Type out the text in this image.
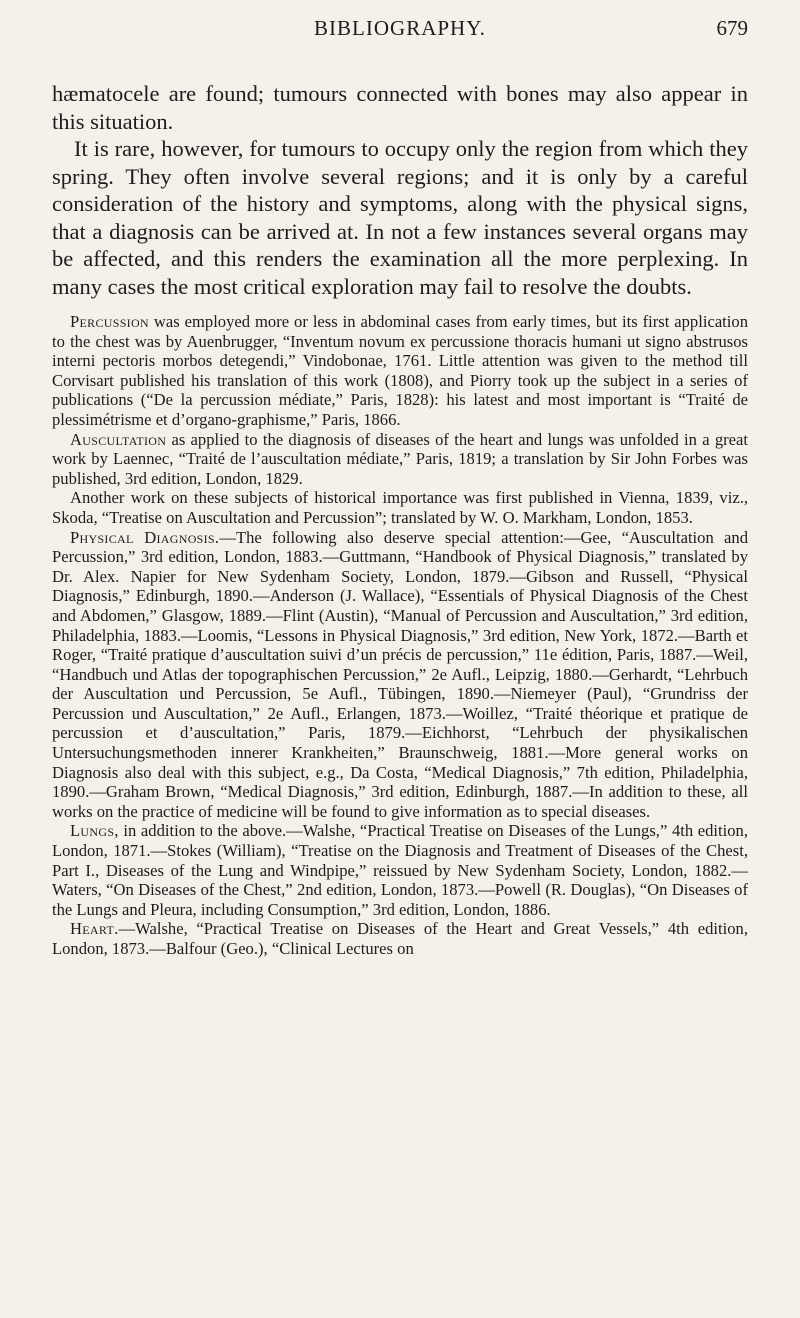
BIBLIOGRAPHY.	679

hæmatocele are found; tumours connected with bones may also appear in this situation.

It is rare, however, for tumours to occupy only the region from which they spring. They often involve several regions; and it is only by a careful consideration of the history and symptoms, along with the physical signs, that a diagnosis can be arrived at. In not a few instances several organs may be affected, and this renders the examination all the more perplexing. In many cases the most critical exploration may fail to resolve the doubts.

Percussion was employed more or less in abdominal cases from early times, but its first application to the chest was by Auenbrugger, “Inventum novum ex percussione thoracis humani ut signo abstrusos interni pectoris morbos detegendi,” Vindobonae, 1761. Little attention was given to the method till Corvisart published his translation of this work (1808), and Piorry took up the subject in a series of publications (“De la percussion médiate,” Paris, 1828): his latest and most important is “Traité de plessimétrisme et d’organo-graphisme,” Paris, 1866.

Auscultation as applied to the diagnosis of diseases of the heart and lungs was unfolded in a great work by Laennec, “Traité de l’auscultation médiate,” Paris, 1819; a translation by Sir John Forbes was published, 3rd edition, London, 1829.

Another work on these subjects of historical importance was first published in Vienna, 1839, viz., Skoda, “Treatise on Auscultation and Percussion”; translated by W. O. Markham, London, 1853.

Physical Diagnosis.—The following also deserve special attention:—Gee, “Auscultation and Percussion,” 3rd edition, London, 1883.—Guttmann, “Handbook of Physical Diagnosis,” translated by Dr. Alex. Napier for New Sydenham Society, London, 1879.—Gibson and Russell, “Physical Diagnosis,” Edinburgh, 1890.—Anderson (J. Wallace), “Essentials of Physical Diagnosis of the Chest and Abdomen,” Glasgow, 1889.—Flint (Austin), “Manual of Percussion and Auscultation,” 3rd edition, Philadelphia, 1883.—Loomis, “Lessons in Physical Diagnosis,” 3rd edition, New York, 1872.—Barth et Roger, “Traité pratique d’auscultation suivi d’un précis de percussion,” 11e édition, Paris, 1887.—Weil, “Handbuch und Atlas der topographischen Percussion,” 2e Aufl., Leipzig, 1880.—Gerhardt, “Lehrbuch der Auscultation und Percussion, 5e Aufl., Tübingen, 1890.—Niemeyer (Paul), “Grundriss der Percussion und Auscultation,” 2e Aufl., Erlangen, 1873.—Woillez, “Traité théorique et pratique de percussion et d’auscultation,” Paris, 1879.—Eichhorst, “Lehrbuch der physikalischen Untersuchungsmethoden innerer Krankheiten,” Braunschweig, 1881.—More general works on Diagnosis also deal with this subject, e.g., Da Costa, “Medical Diagnosis,” 7th edition, Philadelphia, 1890.—Graham Brown, “Medical Diagnosis,” 3rd edition, Edinburgh, 1887.—In addition to these, all works on the practice of medicine will be found to give information as to special diseases.

Lungs, in addition to the above.—Walshe, “Practical Treatise on Diseases of the Lungs,” 4th edition, London, 1871.—Stokes (William), “Treatise on the Diagnosis and Treatment of Diseases of the Chest, Part I., Diseases of the Lung and Windpipe,” reissued by New Sydenham Society, London, 1882.—Waters, “On Diseases of the Chest,” 2nd edition, London, 1873.—Powell (R. Douglas), “On Diseases of the Lungs and Pleura, including Consumption,” 3rd edition, London, 1886.

Heart.—Walshe, “Practical Treatise on Diseases of the Heart and Great Vessels,” 4th edition, London, 1873.—Balfour (Geo.), “Clinical Lectures on
